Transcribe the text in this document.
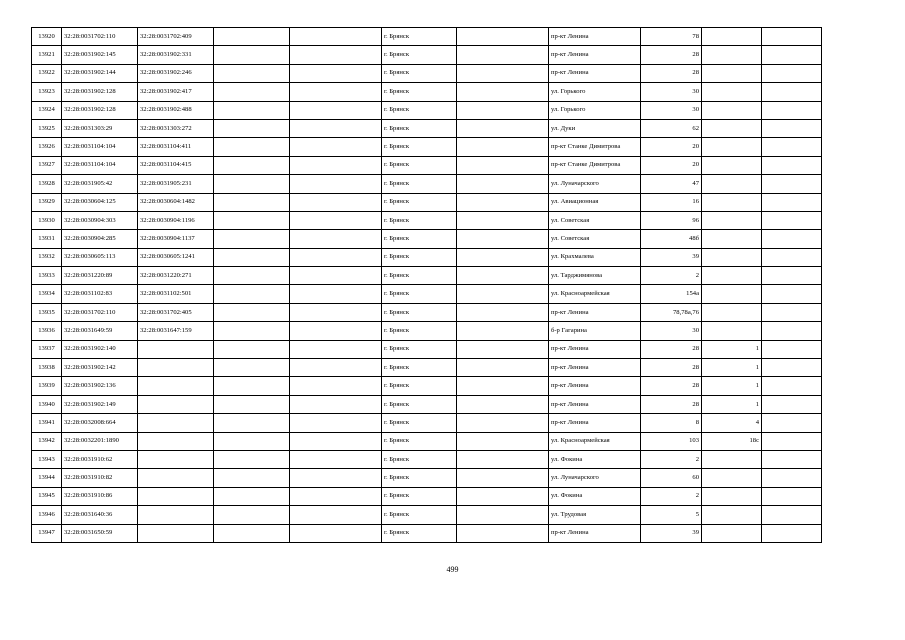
13920	32:28:0031702:110	32:28:0031702:409			г. Брянск		пр-кт Ленина	78		
13921	32:28:0031902:145	32:28:0031902:331			г. Брянск		пр-кт Ленина	28		
13922	32:28:0031902:144	32:28:0031902:246			г. Брянск		пр-кт Ленина	28		
13923	32:28:0031902:128	32:28:0031902:417			г. Брянск		ул. Горького	30		
13924	32:28:0031902:128	32:28:0031902:488			г. Брянск		ул. Горького	30		
13925	32:28:0031303:29	32:28:0031303:272			г. Брянск		ул. Дуки	62		
13926	32:28:0031104:104	32:28:0031104:411			г. Брянск		пр-кт Станке Димитрова	20		
13927	32:28:0031104:104	32:28:0031104:415			г. Брянск		пр-кт Станке Димитрова	20		
13928	32:28:0031905:42	32:28:0031905:231			г. Брянск		ул. Луначарского	47		
13929	32:28:0030604:125	32:28:0030604:1482			г. Брянск		ул. Авиационная	16		
13930	32:28:0030904:303	32:28:0030904:1196			г. Брянск		ул. Советская	96		
13931	32:28:0030904:285	32:28:0030904:1137			г. Брянск		ул. Советская	48б		
13932	32:28:0030605:113	32:28:0030605:1241			г. Брянск		ул. Крахмалева	39		
13933	32:28:0031220:89	32:28:0031220:271			г. Брянск		ул. Тарджимянова	2		
13934	32:28:0031102:83	32:28:0031102:501			г. Брянск		ул. Красноармейская	154а		
13935	32:28:0031702:110	32:28:0031702:405			г. Брянск		пр-кт Ленина	78,78а,76		
13936	32:28:0031649:59	32:28:0031647:159			г. Брянск		б-р Гагарина	30		
13937	32:28:0031902:140				г. Брянск		пр-кт Ленина	28	1	
13938	32:28:0031902:142				г. Брянск		пр-кт Ленина	28	1	
13939	32:28:0031902:136				г. Брянск		пр-кт Ленина	28	1	
13940	32:28:0031902:149				г. Брянск		пр-кт Ленина	28	1	
13941	32:28:0032008:664				г. Брянск		пр-кт Ленина	8	4	
13942	32:28:0032201:1890				г. Брянск		ул. Красноармейская	103	18с	
13943	32:28:0031910:62				г. Брянск		ул. Фокина	2		
13944	32:28:0031910:82				г. Брянск		ул. Луначарского	60		
13945	32:28:0031910:86				г. Брянск		ул. Фокина	2		
13946	32:28:0031640:36				г. Брянск		ул. Трудовая	5		
13947	32:28:0031650:59				г. Брянск		пр-кт Ленина	39		
499
